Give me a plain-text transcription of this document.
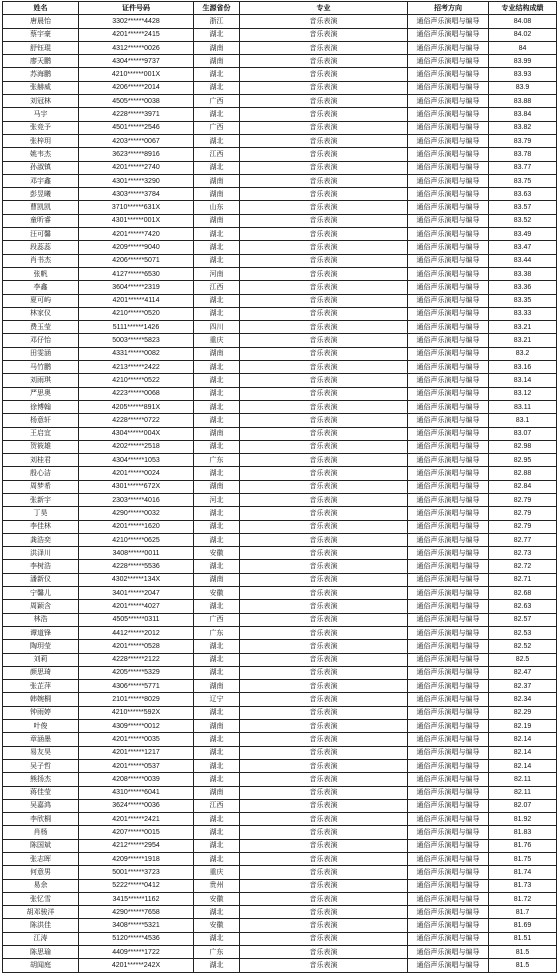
姓名	证件号码	生源省份	专业	招考方向	专业结构成绩
唐晨怡	3302******4428	浙江	音乐表演	通俗声乐演唱与编导	84.08
蔡宇豪	4201******2415	湖北	音乐表演	通俗声乐演唱与编导	84.02
舒钰琨	4312******0026	湖南	音乐表演	通俗声乐演唱与编导	84
廖天鹏	4304******9737	湖南	音乐表演	通俗声乐演唱与编导	83.99
苏海鹏	4210******001X	湖北	音乐表演	通俗声乐演唱与编导	83.93
张赫威	4206******2014	湖北	音乐表演	通俗声乐演唱与编导	83.9
刘冠林	4505******0038	广西	音乐表演	通俗声乐演唱与编导	83.88
马宇	4228******3971	湖北	音乐表演	通俗声乐演唱与编导	83.84
张竞予	4501******2546	广西	音乐表演	通俗声乐演唱与编导	83.82
张梓玥	4203******0067	湖北	音乐表演	通俗声乐演唱与编导	83.79
姚韦杰	3623******8916	江西	音乐表演	通俗声乐演唱与编导	83.78
孙淑镇	4201******2740	湖北	音乐表演	通俗声乐演唱与编导	83.77
邓宇鑫	4301******3290	湖南	音乐表演	通俗声乐演唱与编导	83.75
彭昱曦	4303******3784	湖南	音乐表演	通俗声乐演唱与编导	83.63
曹凯凯	3710******631X	山东	音乐表演	通俗声乐演唱与编导	83.57
童昕睿	4301******001X	湖南	音乐表演	通俗声乐演唱与编导	83.52
汪可馨	4201******7420	湖北	音乐表演	通俗声乐演唱与编导	83.49
段蕊蕊	4209******9040	湖北	音乐表演	通俗声乐演唱与编导	83.47
肖书杰	4206******5071	湖北	音乐表演	通俗声乐演唱与编导	83.44
张帆	4127******6530	河南	音乐表演	通俗声乐演唱与编导	83.38
李鑫	3604******2319	江西	音乐表演	通俗声乐演唱与编导	83.36
夏可屿	4201******4114	湖北	音乐表演	通俗声乐演唱与编导	83.35
林家仪	4210******0520	湖北	音乐表演	通俗声乐演唱与编导	83.33
费玉莹	5111******1426	四川	音乐表演	通俗声乐演唱与编导	83.21
邓仔怡	5003******5823	重庆	音乐表演	通俗声乐演唱与编导	83.21
田雯涵	4331******0082	湖南	音乐表演	通俗声乐演唱与编导	83.2
马竹鹏	4213******2422	湖北	音乐表演	通俗声乐演唱与编导	83.16
刘雨琪	4210******0522	湖北	音乐表演	通俗声乐演唱与编导	83.14
严思奥	4223******0068	湖北	音乐表演	通俗声乐演唱与编导	83.12
徐博翰	4205******891X	湖北	音乐表演	通俗声乐演唱与编导	83.11
杨意轩	4228******0722	湖北	音乐表演	通俗声乐演唱与编导	83.1
王启宜	4304******004X	湖南	音乐表演	通俗声乐演唱与编导	83.07
贺筱雄	4202******2518	湖北	音乐表演	通俗声乐演唱与编导	82.98
刘桂君	4304******1053	广东	音乐表演	通俗声乐演唱与编导	82.95
殷心洁	4201******0024	湖北	音乐表演	通俗声乐演唱与编导	82.88
周梦希	4301******672X	湖南	音乐表演	通俗声乐演唱与编导	82.84
张新宇	2303******4016	河北	音乐表演	通俗声乐演唱与编导	82.79
丁昊	4290******0032	湖北	音乐表演	通俗声乐演唱与编导	82.79
李佳林	4201******1620	湖北	音乐表演	通俗声乐演唱与编导	82.79
龚浩奕	4210******0625	湖北	音乐表演	通俗声乐演唱与编导	82.77
洪泽川	3408******0011	安徽	音乐表演	通俗声乐演唱与编导	82.73
李树浩	4228******5536	湖北	音乐表演	通俗声乐演唱与编导	82.72
潘新仪	4302******134X	湖南	音乐表演	通俗声乐演唱与编导	82.71
宁馨儿	3401******2047	安徽	音乐表演	通俗声乐演唱与编导	82.68
周颖含	4201******4027	湖北	音乐表演	通俗声乐演唱与编导	82.63
林浩	4505******0311	广西	音乐表演	通俗声乐演唱与编导	82.57
谭道锋	4412******2012	广东	音乐表演	通俗声乐演唱与编导	82.53
陶玥莹	4201******0528	湖北	音乐表演	通俗声乐演唱与编导	82.52
刘莉	4228******2122	湖北	音乐表演	通俗声乐演唱与编导	82.5
颜思琦	4205******5329	湖北	音乐表演	通俗声乐演唱与编导	82.47
张芷萍	4306******5771	湖南	音乐表演	通俗声乐演唱与编导	82.37
韩婉桐	2101******8029	辽宁	音乐表演	通俗声乐演唱与编导	82.34
钟雨婷	4210******592X	湖北	音乐表演	通俗声乐演唱与编导	82.29
叶俊	4309******0012	湖南	音乐表演	通俗声乐演唱与编导	82.19
章涵墨	4201******0035	湖北	音乐表演	通俗声乐演唱与编导	82.14
易友昊	4201******1217	湖北	音乐表演	通俗声乐演唱与编导	82.14
吴子哲	4201******0537	湖北	音乐表演	通俗声乐演唱与编导	82.14
熊扬杰	4208******0039	湖北	音乐表演	通俗声乐演唱与编导	82.11
蒋佳莹	4310******6041	湖南	音乐表演	通俗声乐演唱与编导	82.11
吴嘉鸿	3624******0036	江西	音乐表演	通俗声乐演唱与编导	82.07
李欣桐	4201******2421	湖北	音乐表演	通俗声乐演唱与编导	81.92
肖杨	4207******0015	湖北	音乐表演	通俗声乐演唱与编导	81.83
陈国斌	4212******2954	湖北	音乐表演	通俗声乐演唱与编导	81.76
张志晖	4209******1918	湖北	音乐表演	通俗声乐演唱与编导	81.75
何意男	5001******3723	重庆	音乐表演	通俗声乐演唱与编导	81.74
易余	5222******0412	贵州	音乐表演	通俗声乐演唱与编导	81.73
张忆雪	3415******1162	安徽	音乐表演	通俗声乐演唱与编导	81.72
胡邓骏洋	4290******7658	湖北	音乐表演	通俗声乐演唱与编导	81.7
陈洪佳	3408******5321	安徽	音乐表演	通俗声乐演唱与编导	81.69
江涛	5120******4536	湖北	音乐表演	通俗声乐演唱与编导	81.51
陈思瑜	4409******1722	广东	音乐表演	通俗声乐演唱与编导	81.5
胡闻庭	4201******242X	湖北	音乐表演	通俗声乐演唱与编导	81.5
